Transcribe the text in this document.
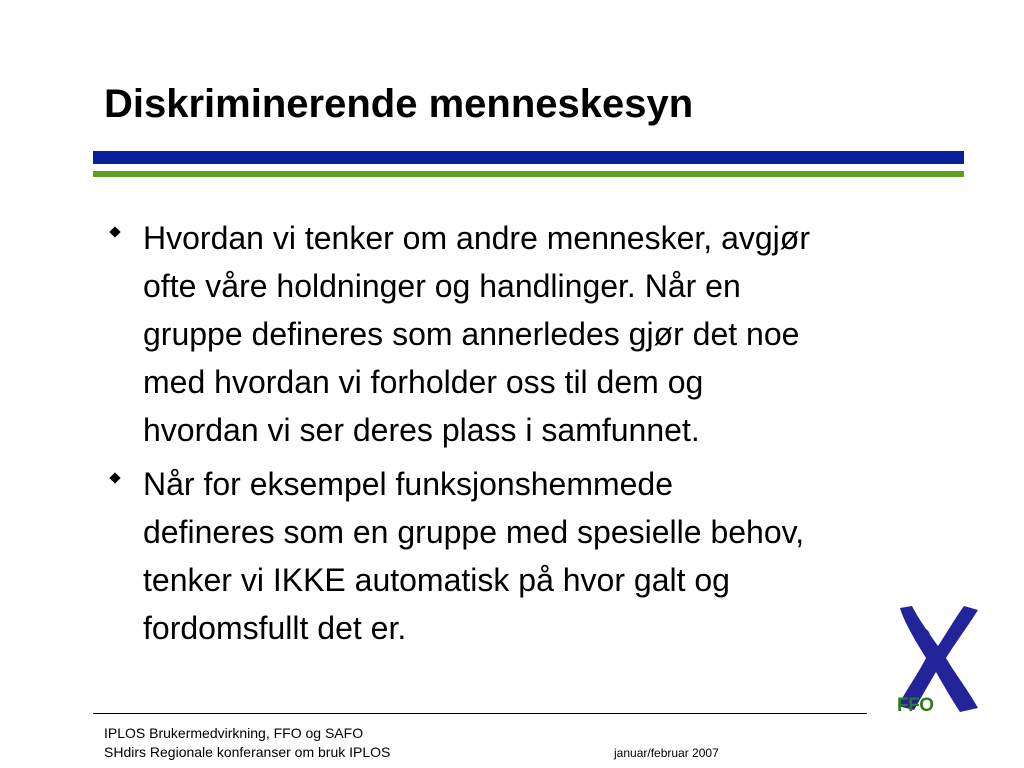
Diskriminerende menneskesyn
Hvordan vi tenker om andre mennesker, avgjør
ofte våre holdninger og handlinger. Når en
gruppe defineres som annerledes gjør det noe
med hvordan vi forholder oss til dem og
hvordan vi ser deres plass i samfunnet.
Når for eksempel funksjonshemmede
defineres som en gruppe med spesielle behov,
tenker vi IKKE automatisk på hvor galt og
fordomsfullt det er.
FFO
IPLOS Brukermedvirkning, FFO og SAFO
SHdirs Regionale konferanser om bruk IPLOS	januar/februar 2007
